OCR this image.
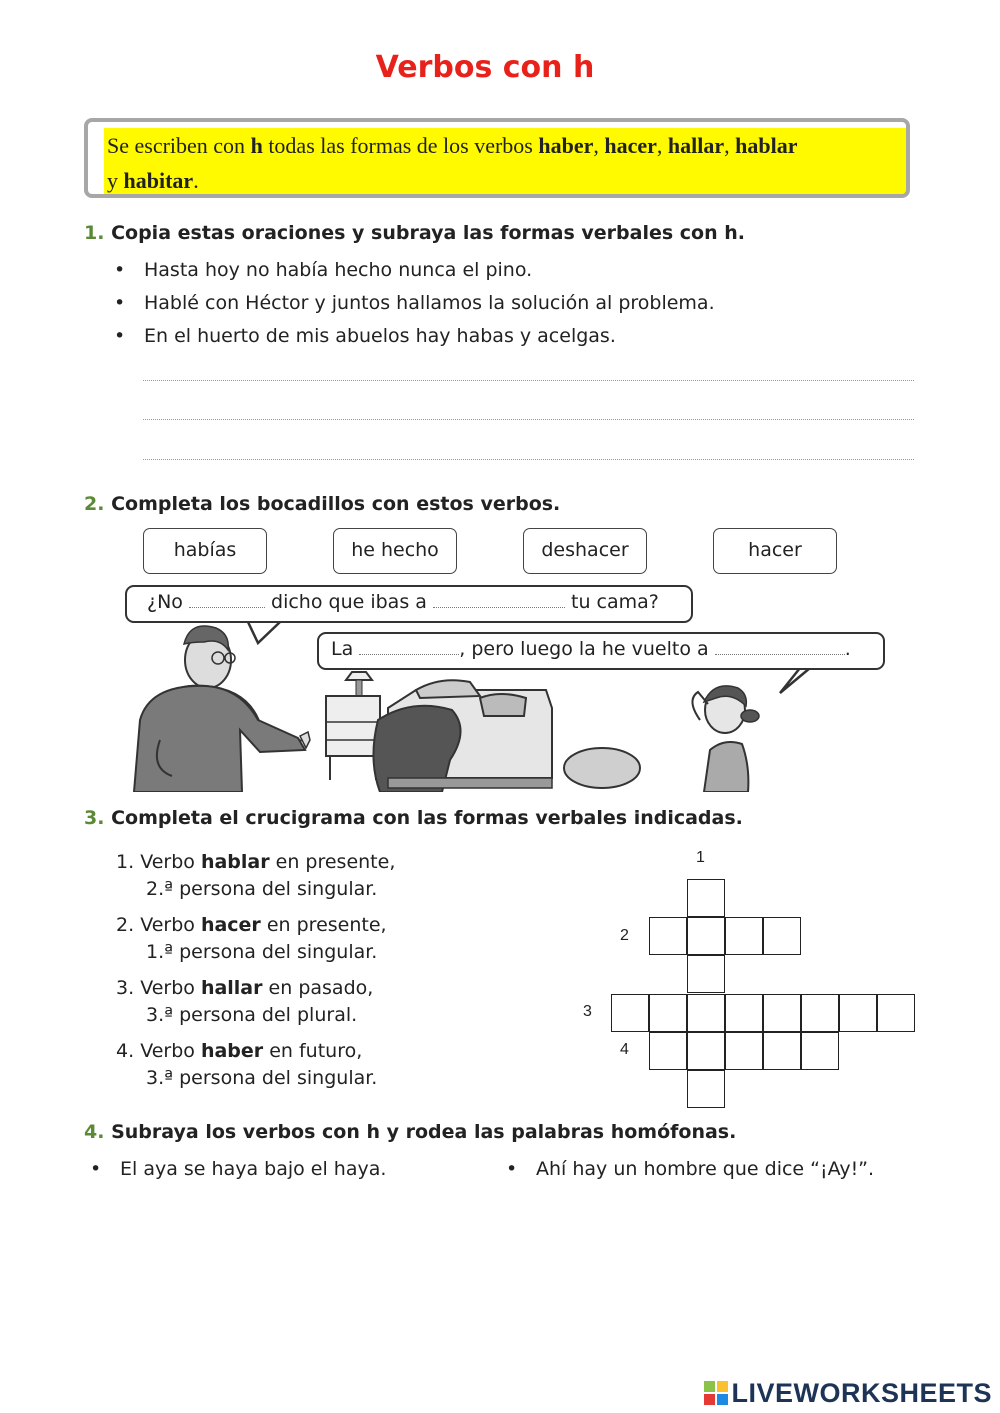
Verbos con h
Se escriben con h todas las formas de los verbos haber, hacer, hallar, hablar
y habitar.
1. Copia estas oraciones y subraya las formas verbales con h.
• Hasta hoy no había hecho nunca el pino.
• Hablé con Héctor y juntos hallamos la solución al problema.
• En el huerto de mis abuelos hay habas y acelgas.
2. Completa los bocadillos con estos verbos.
habías	he hecho	deshacer	hacer
¿No	dicho que ibas a	tu cama?
La	, pero luego la he vuelto a	.
3. Completa el crucigrama con las formas verbales indicadas.
1. Verbo hablar en presente,
2.ª persona del singular.
2. Verbo hacer en presente,
1.ª persona del singular.
3. Verbo hallar en pasado,
3.ª persona del plural.
4. Verbo haber en futuro,
3.ª persona del singular.
1
2
3
4
4. Subraya los verbos con h y rodea las palabras homófonas.
• El aya se haya bajo el haya.	• Ahí hay un hombre que dice “¡Ay!”.
LIVEWORKSHEETS
